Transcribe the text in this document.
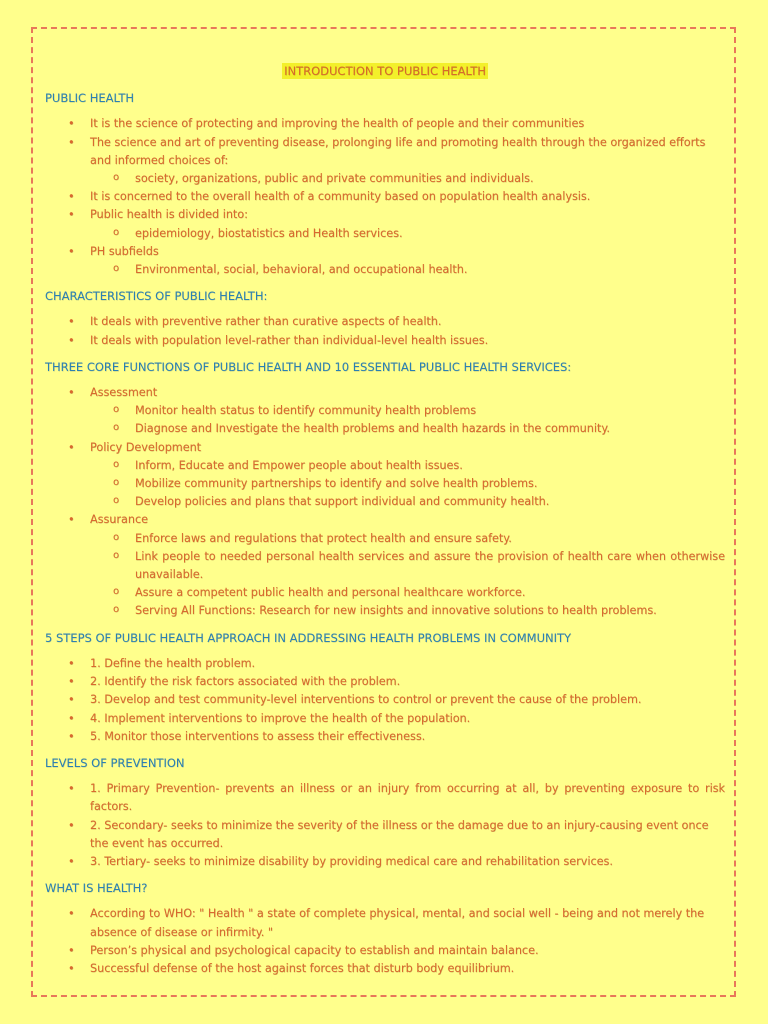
INTRODUCTION TO PUBLIC HEALTH

PUBLIC HEALTH

• It is the science of protecting and improving the health of people and their communities
• The science and art of preventing disease, prolonging life and promoting health through the organized efforts and informed choices of:
o society, organizations, public and private communities and individuals.
• It is concerned to the overall health of a community based on population health analysis.
• Public health is divided into:
o epidemiology, biostatistics and Health services.
• PH subfields
o Environmental, social, behavioral, and occupational health.

CHARACTERISTICS OF PUBLIC HEALTH:

• It deals with preventive rather than curative aspects of health.
• It deals with population level-rather than individual-level health issues.

THREE CORE FUNCTIONS OF PUBLIC HEALTH AND 10 ESSENTIAL PUBLIC HEALTH SERVICES:

• Assessment
o Monitor health status to identify community health problems
o Diagnose and Investigate the health problems and health hazards in the community.
• Policy Development
o Inform, Educate and Empower people about health issues.
o Mobilize community partnerships to identify and solve health problems.
o Develop policies and plans that support individual and community health.
• Assurance
o Enforce laws and regulations that protect health and ensure safety.
o Link people to needed personal health services and assure the provision of health care when otherwise unavailable.
o Assure a competent public health and personal healthcare workforce.
o Serving All Functions: Research for new insights and innovative solutions to health problems.

5 STEPS OF PUBLIC HEALTH APPROACH IN ADDRESSING HEALTH PROBLEMS IN COMMUNITY

• 1. Define the health problem.
• 2. Identify the risk factors associated with the problem.
• 3. Develop and test community-level interventions to control or prevent the cause of the problem.
• 4. Implement interventions to improve the health of the population.
• 5. Monitor those interventions to assess their effectiveness.

LEVELS OF PREVENTION

• 1. Primary Prevention- prevents an illness or an injury from occurring at all, by preventing exposure to risk factors.
• 2. Secondary- seeks to minimize the severity of the illness or the damage due to an injury-causing event once the event has occurred.
• 3. Tertiary- seeks to minimize disability by providing medical care and rehabilitation services.

WHAT IS HEALTH?

• According to WHO: " Health " a state of complete physical, mental, and social well - being and not merely the absence of disease or infirmity. "
• Person’s physical and psychological capacity to establish and maintain balance.
• Successful defense of the host against forces that disturb body equilibrium.
